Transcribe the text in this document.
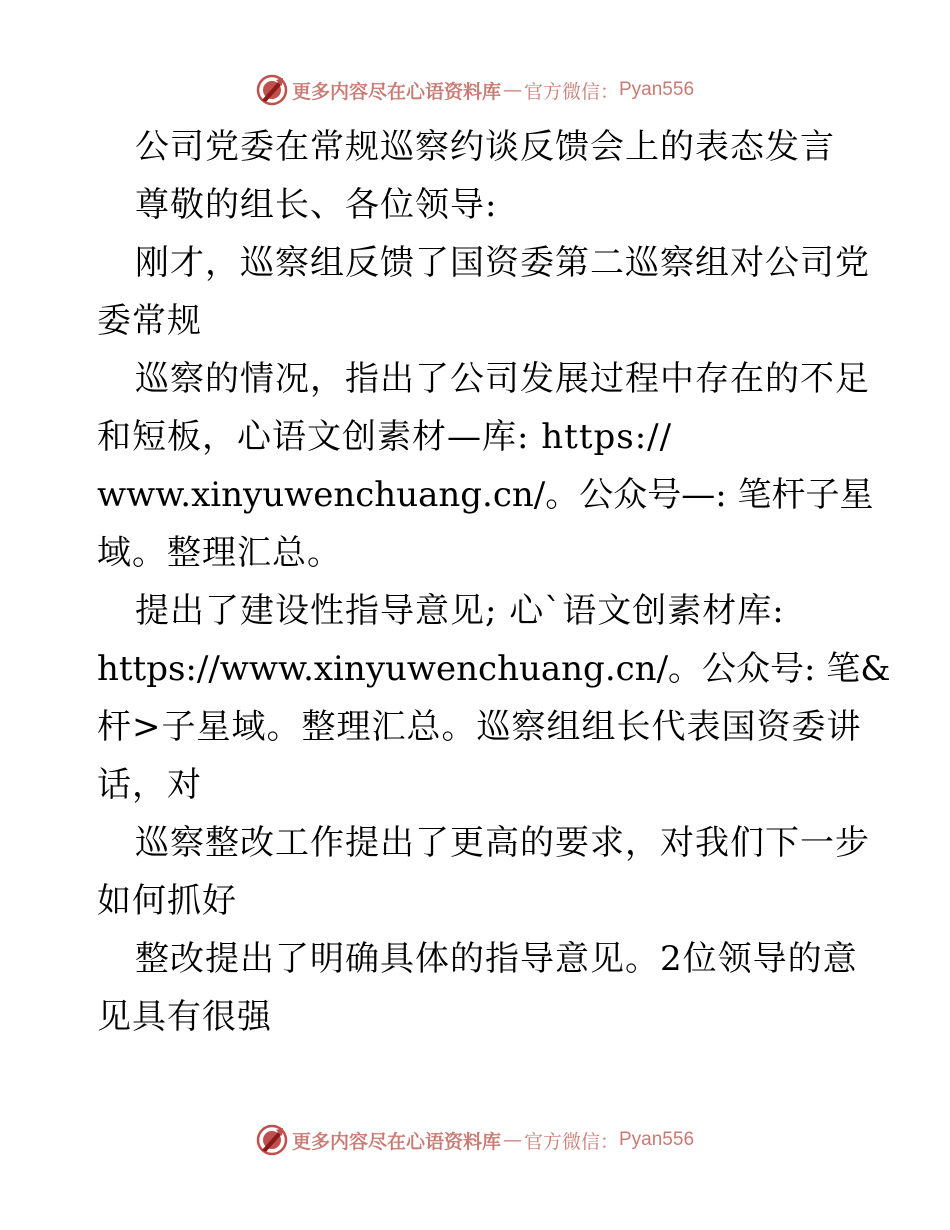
更多内容尽在心语资料库 — 官方微信： Pyan556
公司党委在常规巡察约谈反馈会上的表态发言
尊敬的组长、各位领导:
刚才，巡察组反馈了国资委第二巡察组对公司党
委常规
巡察的情况，指出了公司发展过程中存在的不足
和短板，心语文创素材—库: https://
www.xinyuwenchuang.cn/。公众号—: 笔杆子星
域。整理汇总。
提出了建设性指导意见; 心`语文创素材库:
https://www.xinyuwenchuang.cn/。公众号: 笔&
杆>子星域。整理汇总。巡察组组长代表国资委讲
话，对
巡察整改工作提出了更高的要求，对我们下一步
如何抓好
整改提出了明确具体的指导意见。2位领导的意
见具有很强
更多内容尽在心语资料库 — 官方微信： Pyan556
